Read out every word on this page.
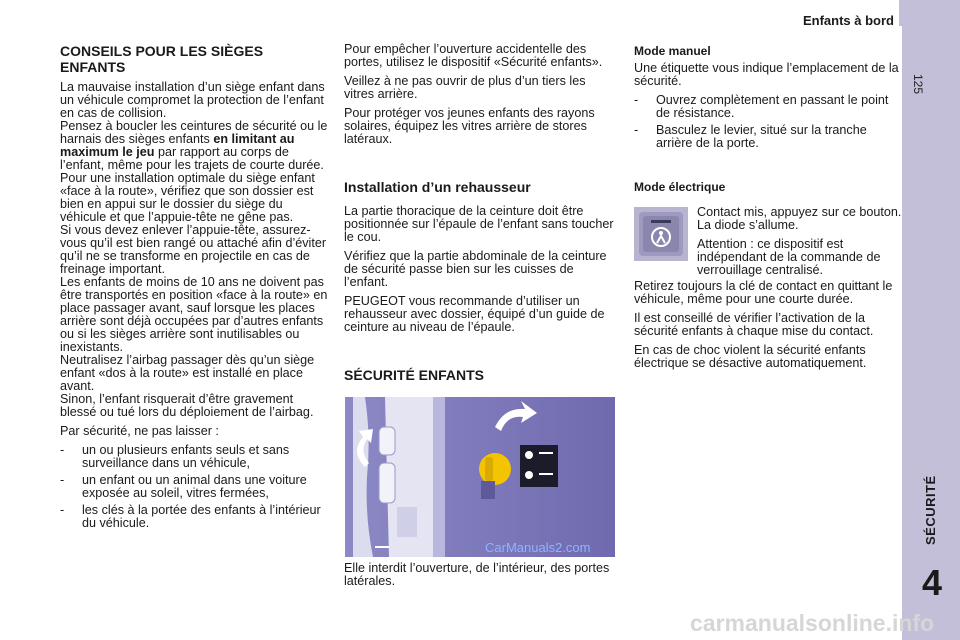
Enfants à bord
125
SÉCURITÉ
4
CONSEILS POUR LES SIÈGES
ENFANTS

La mauvaise installation d’un siège enfant dans un véhicule compromet la protection de l’enfant en cas de collision.
Pensez à boucler les ceintures de sécurité ou le harnais des sièges enfants en limitant au maximum le jeu par rapport au corps de l’enfant, même pour les trajets de courte durée.
Pour une installation optimale du siège enfant «face à la route», vérifiez que son dossier est bien en appui sur le dossier du siège du véhicule et que l’appuie-tête ne gêne pas.
Si vous devez enlever l’appuie-tête, assurez-vous qu’il est bien rangé ou attaché afin d’éviter qu’il ne se transforme en projectile en cas de freinage important.
Les enfants de moins de 10 ans ne doivent pas être transportés en position «face à la route» en place passager avant, sauf lorsque les places arrière sont déjà occupées par d’autres enfants ou si les sièges arrière sont inutilisables ou inexistants.
Neutralisez l’airbag passager dès qu’un siège enfant «dos à la route» est installé en place avant.
Sinon, l’enfant risquerait d’être gravement blessé ou tué lors du déploiement de l’airbag.

Par sécurité, ne pas laisser :

-	un ou plusieurs enfants seuls et sans surveillance dans un véhicule,
-	un enfant ou un animal dans une voiture exposée au soleil, vitres fermées,
-	les clés à la portée des enfants à l’intérieur du véhicule.

Pour empêcher l’ouverture accidentelle des portes, utilisez le dispositif «Sécurité enfants».

Veillez à ne pas ouvrir de plus d’un tiers les vitres arrière.

Pour protéger vos jeunes enfants des rayons solaires, équipez les vitres arrière de stores latéraux.

Installation d’un rehausseur

La partie thoracique de la ceinture doit être positionnée sur l’épaule de l’enfant sans toucher le cou.

Vérifiez que la partie abdominale de la ceinture de sécurité passe bien sur les cuisses de l’enfant.

PEUGEOT vous recommande d’utiliser un rehausseur avec dossier, équipé d’un guide de ceinture au niveau de l’épaule.

SÉCURITÉ ENFANTS
CarManuals2.com

Elle interdit l’ouverture, de l’intérieur, des portes latérales.

Mode manuel

Une étiquette vous indique l’emplacement de la sécurité.

-	Ouvrez complètement en passant le point de résistance.
-	Basculez le levier, situé sur la tranche arrière de la porte.
Mode électrique

Contact mis, appuyez sur ce bouton. La diode s’allume.

Attention : ce dispositif est indépendant de la commande de verrouillage centralisé.

Retirez toujours la clé de contact en quittant le véhicule, même pour une courte durée.

Il est conseillé de vérifier l’activation de la sécurité enfants à chaque mise du contact.

En cas de choc violent la sécurité enfants électrique se désactive automatiquement.

carmanualsonline.info
